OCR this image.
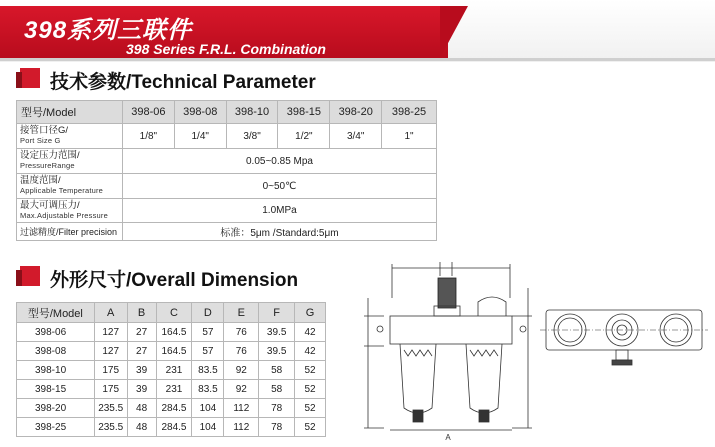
398系列三联件
398 Series F.R.L. Combination
技术参数/Technical Parameter
型号/Model	398-06	398-08	398-10	398-15	398-20	398-25
接管口径G/
Port Size G	1/8"	1/4"	3/8"	1/2"	3/4"	1"
设定压力范围/
PressureRange	0.05~0.85 Mpa					
温度范围/
Applicable Temperature	0~50℃					
最大可调压力/
Max.Adjustable Pressure	1.0MPa					
过滤精度/Filter precision	标准：5μm /Standard:5μm					
外形尺寸/Overall Dimension
型号/Model	A	B	C	D	E	F	G
398-06	127	27	164.5	57	76	39.5	42
398-08	127	27	164.5	57	76	39.5	42
398-10	175	39	231	83.5	92	58	52
398-15	175	39	231	83.5	92	58	52
398-20	235.5	48	284.5	104	112	78	52
398-25	235.5	48	284.5	104	112	78	52
A
